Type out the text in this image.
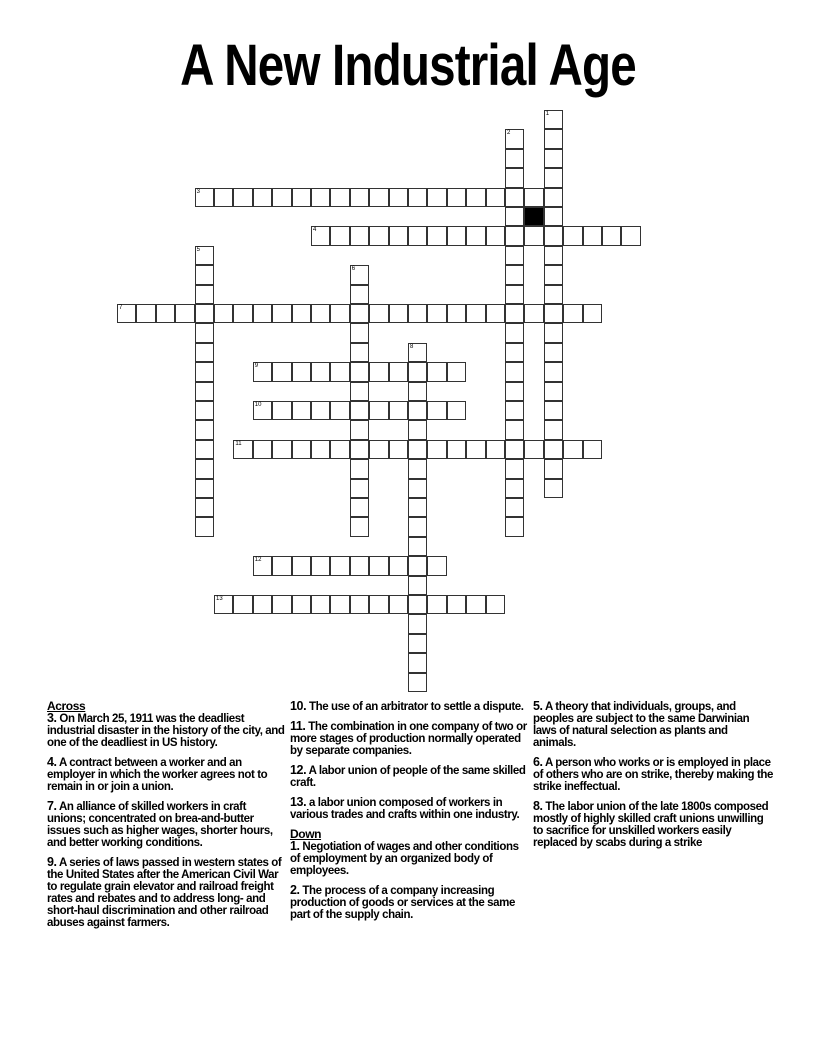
A New Industrial Age
1
2
3
4
5
6
7
8
9
10
11
12
13
Across
3. On March 25, 1911 was the deadliest industrial disaster in the history of the city, and one of the deadliest in US history.
4. A contract between a worker and an employer in which the worker agrees not to remain in or join a union.
7. An alliance of skilled workers in craft unions; concentrated on brea-and-butter issues such as higher wages, shorter hours, and better working conditions.
9. A series of laws passed in western states of the United States after the American Civil War to regulate grain elevator and railroad freight rates and rebates and to address long- and short-haul discrimination and other railroad abuses against farmers.
10. The use of an arbitrator to settle a dispute.
11. The combination in one company of two or more stages of production normally operated by separate companies.
12. A labor union of people of the same skilled craft.
13. a labor union composed of workers in various trades and crafts within one industry.
Down
1. Negotiation of wages and other conditions of employment by an organized body of employees.
2. The process of a company increasing production of goods or services at the same part of the supply chain.
5. A theory that individuals, groups, and peoples are subject to the same Darwinian laws of natural selection as plants and animals.
6. A person who works or is employed in place of others who are on strike, thereby making the strike ineffectual.
8. The labor union of the late 1800s composed mostly of highly skilled craft unions unwilling to sacrifice for unskilled workers easily replaced by scabs during a strike
